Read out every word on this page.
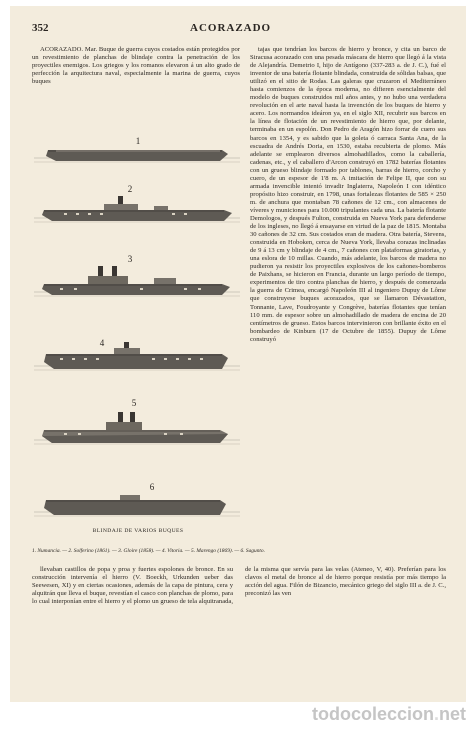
352	ACORAZADO

ACORAZADO. Mar. Buque de guerra cuyos costados están protegidos por un revestimiento de planchas de blindaje contra la penetración de los proyectiles enemigos. Los griegos y los romanos elevaron á un alto grado de perfección la arquitectura naval, especialmente la marina de guerra, cuyos buques

1
2
3
4
5
6
BLINDAJE DE VARIOS BUQUES
1. Numancia. — 2. Solferino (1861). — 3. Gloire (1858). — 4. Vitoria. — 5. Marengo (1869). — 6. Sagunto.

tajas que tendrían los barcos de hierro y bronce, y cita un barco de Siracusa acorazado con una pesada máscara de hierro que llegó á la vista de Alejandría. Demetrio I, hijo de Antígono (337-283 a. de J. C.), fué el inventor de una batería flotante blindada, construida de sólidas balsas, que utilizó en el sitio de Rodas. Las galeras que cruzaron el Mediterráneo hasta comienzos de la época moderna, no difieren esencialmente del modelo de buques construidos mil años antes, y no hubo una verdadera revolución en el arte naval hasta la invención de los buques de hierro y acero. Los normandos ideáron ya, en el siglo XII, recubrir sus barcos en la línea de flotación de un revestimiento de hierro que, por delante, terminaba en un espolón. Don Pedro de Aragón hizo forrar de cuero sus barcos en 1354, y es sabido que la goleta ó carraca Santa Ana, de la escuadra de Andrés Doria, en 1530, estaba recubierta de plomo. Más adelante se emplearon diversos almohadillados, como la caballería, cadenas, etc., y el caballero d'Arcon construyó en 1782 baterías flotantes con un grueso blindaje formado por tablones, barras de hierro, corcho y cuero, de un espesor de 1'8 m. A imitación de Felipe II, que con su armada invencible intentó invadir Inglaterra, Napoleón I con idéntico propósito hizo construir, en 1798, unas fortalezas flotantes de 585 × 250 m. de anchura que montaban 78 cañones de 12 cm., con almacenes de víveres y municiones para 10.000 tripulantes cada una. La batería flotante Demologos, y después Fulton, construida en Nueva York para defenderse de los ingleses, no llegó á ensayarse en virtud de la paz de 1815. Montaba 30 cañones de 32 cm. Sus costados eran de madera. Otra batería, Stevens, construida en Hoboken, cerca de Nueva York, llevaba corazas inclinadas de 9 á 13 cm y blindaje de 4 cm., 7 cañones con plataformas giratorias, y una eslora de 10 millas. Cuando, más adelante, los barcos de madera no pudieron ya resistir los proyectiles explosivos de los cañones-bomberos de Paixhans, se hicieron en Francia, durante un largo período de tiempo, experimentos de tiro contra planchas de hierro, y después de comenzada la guerra de Crimea, encargó Napoleón III al ingeniero Dupuy de Lôme que construyese buques acorazados, que se llamaron Dévastation, Tonnante, Lave, Foudroyante y Congrève, baterías flotantes que tenían 110 mm. de espesor sobre un almohadillado de madera de encina de 20 centímetros de grueso. Estos barcos intervinieron con brillante éxito en el bombardeo de Kinburn (17 de Octubre de 1855). Dupuy de Lôme construyó

llevaban castillos de popa y proa y fuertes espolones de bronce. En su construcción intervenía el hierro (V. Boeckh, Urkunden ueber das Seewesen, XI) y en ciertas ocasiones, además de la capa de pintura, cera y alquitrán que lleva el buque, revestían el casco con planchas de plomo, para lo cual interponían entre el hierro y el plomo un grueso de tela alquitranada, de la misma que servía para las velas (Ateneo, V, 40). Preferían para los clavos el metal de bronce al de hierro porque resistía por más tiempo la acción del agua. Filón de Bizancio, mecánico griego del siglo III a. de J. C., preconizó las ven

todocoleccion.net
